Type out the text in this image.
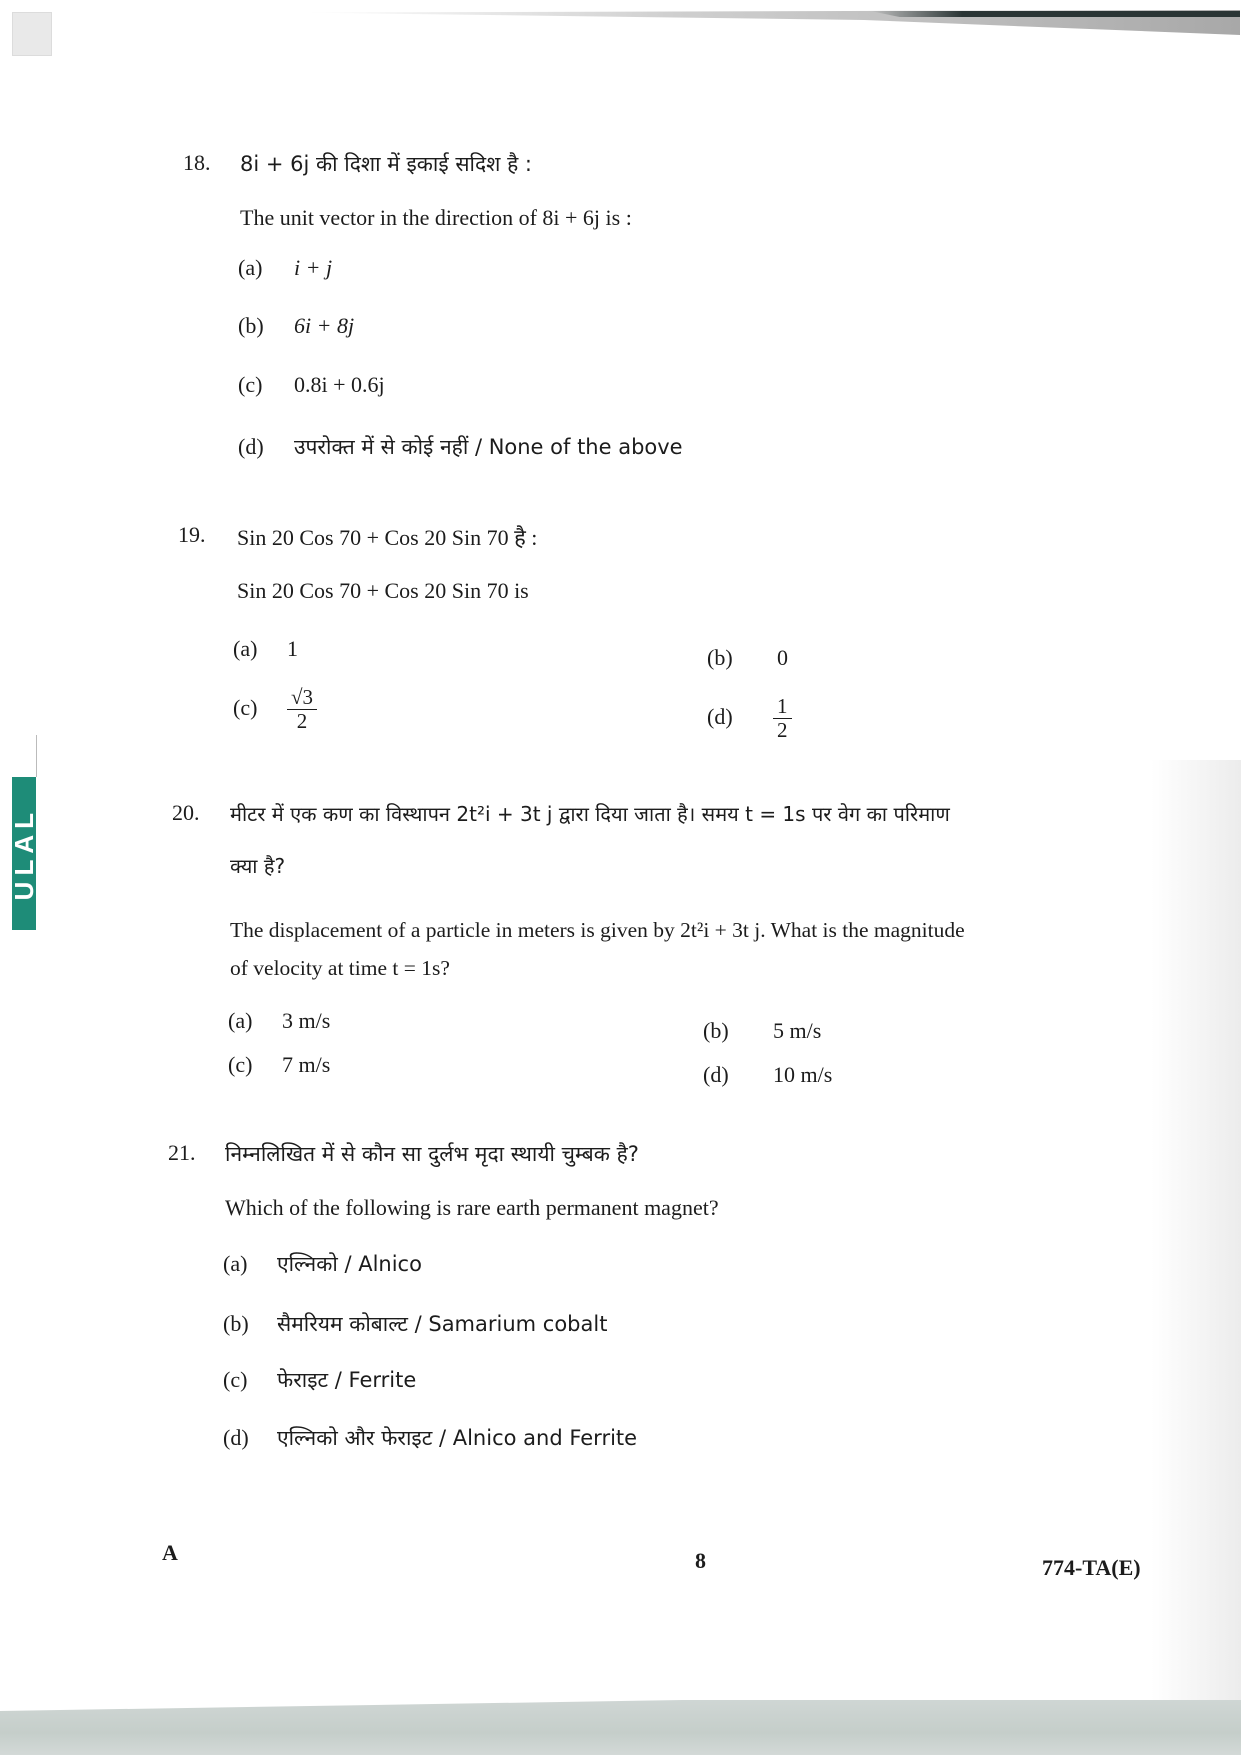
ULAL
18. 8i + 6j की दिशा में इकाई सदिश है :
The unit vector in the direction of 8i + 6j is :
(a) i + j
(b) 6i + 8j
(c) 0.8i + 0.6j
(d) उपरोक्त में से कोई नहीं / None of the above
19. Sin 20 Cos 70 + Cos 20 Sin 70 है :
Sin 20 Cos 70 + Cos 20 Sin 70 is
(a) 1	(b) 0
$(c) \frac{√3}{2}$	$(d) \frac{1}{2}$
20. मीटर में एक कण का विस्थापन 2t²i + 3t j द्वारा दिया जाता है। समय t = 1s पर वेग का परिमाण
क्या है?
The displacement of a particle in meters is given by 2t²i + 3t j. What is the magnitude
of velocity at time t = 1s?
(a) 3 m/s	(b) 5 m/s
(c) 7 m/s	(d) 10 m/s
21. निम्नलिखित में से कौन सा दुर्लभ मृदा स्थायी चुम्बक है?
Which of the following is rare earth permanent magnet?
(a) एल्निको / Alnico
(b) सैमरियम कोबाल्ट / Samarium cobalt
(c) फेराइट / Ferrite
(d) एल्निको और फेराइट / Alnico and Ferrite
A	8	774-TA(E)
